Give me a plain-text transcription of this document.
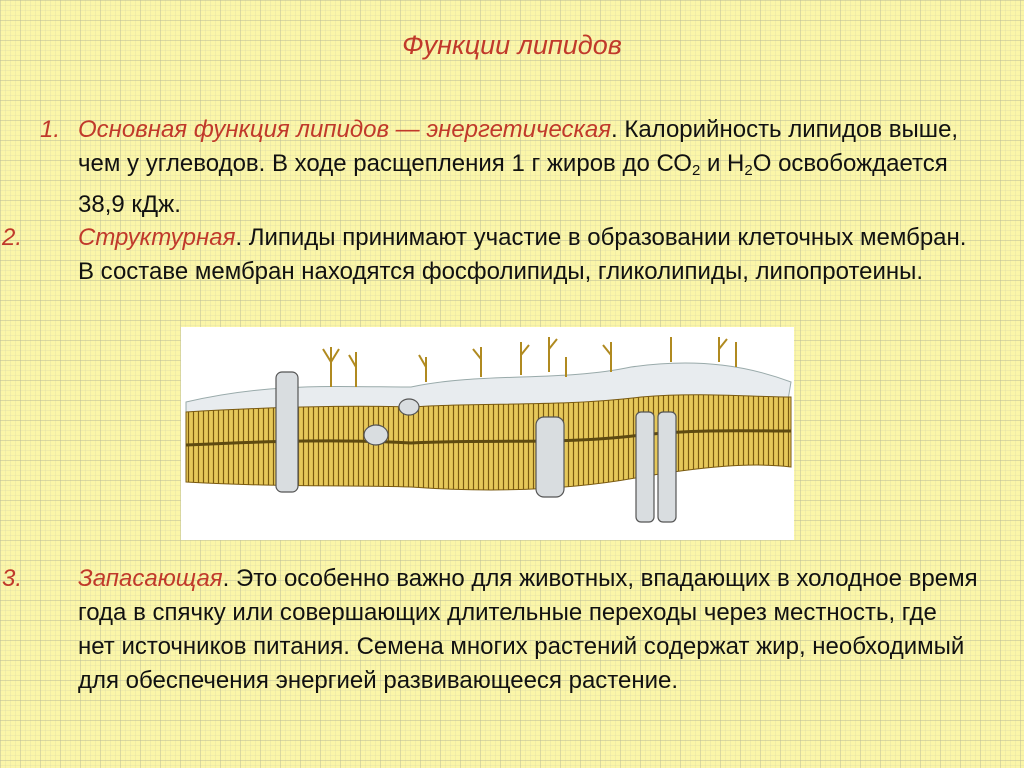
Функции липидов
1. Основная функция липидов — энергетическая. Калорийность липидов выше, чем у углеводов. В ходе расщепления 1 г жиров до $СО_2$ и $Н_2О$ освобождается 38,9 кДж.
2. Структурная. Липиды принимают участие в образовании клеточных мембран. В составе мембран находятся фосфолипиды, гликолипиды, липопротеины.
3. Запасающая. Это особенно важно для животных, впадающих в холодное время года в спячку или совершающих длительные переходы через местность, где нет источников питания. Семена многих растений содержат жир, необходимый для обеспечения энергией развивающееся растение.
